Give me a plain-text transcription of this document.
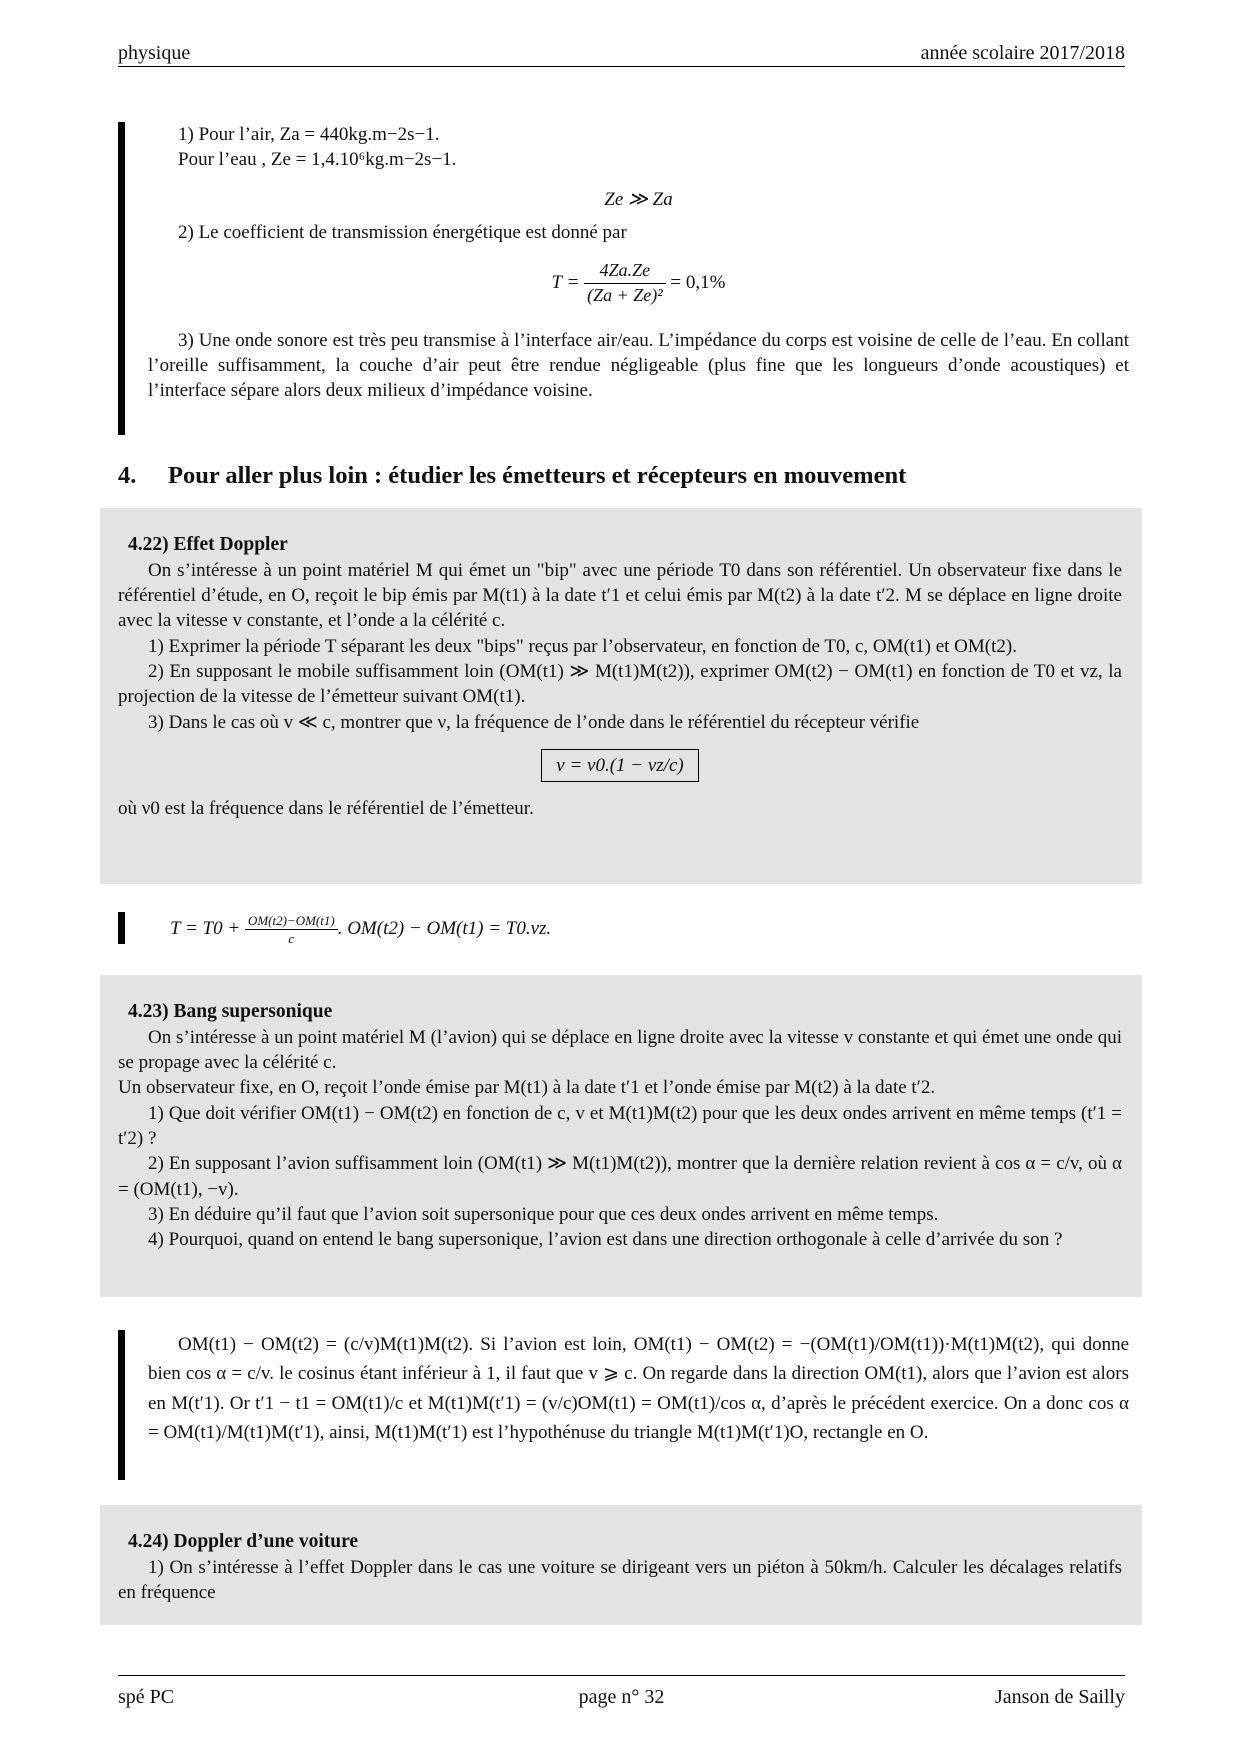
physique	année scolaire 2017/2018

1) Pour l’air, Za = 440kg.m−2s−1.

Pour l’eau , Ze = 1,4.10⁶kg.m−2s−1.

Ze ≫ Za

2) Le coefficient de transmission énergétique est donné par

$T = \frac{4Za.Ze}{\text{(Za + Ze)²}} = 0,1\%$

3) Une onde sonore est très peu transmise à l’interface air/eau. L’impédance du corps est voisine de celle de l’eau. En collant l’oreille suffisamment, la couche d’air peut être rendue négligeable (plus fine que les longueurs d’onde acoustiques) et l’interface sépare alors deux milieux d’impédance voisine.

4. Pour aller plus loin : étudier les émetteurs et récepteurs en mouvement

4.22) Effet Doppler

On s’intéresse à un point matériel M qui émet un "bip" avec une période T0 dans son référentiel. Un observateur fixe dans le référentiel d’étude, en O, reçoit le bip émis par M(t1) à la date t′1 et celui émis par M(t2) à la date t′2. M se déplace en ligne droite avec la vitesse v constante, et l’onde a la célérité c.

1) Exprimer la période T séparant les deux "bips" reçus par l’observateur, en fonction de T0, c, OM(t1) et OM(t2).

2) En supposant le mobile suffisamment loin (OM(t1) ≫ M(t1)M(t2)), exprimer OM(t2) − OM(t1) en fonction de T0 et vz, la projection de la vitesse de l’émetteur suivant OM(t1).

3) Dans le cas où v ≪ c, montrer que ν, la fréquence de l’onde dans le référentiel du récepteur vérifie

ν = ν0.(1 − vz/c)

où ν0 est la fréquence dans le référentiel de l’émetteur.

$T = T0 + \frac{OM(t2)-OM(t1)}{c}$ . OM(t2) − OM(t1) = T0.vz.

4.23) Bang supersonique

On s’intéresse à un point matériel M (l’avion) qui se déplace en ligne droite avec la vitesse v constante et qui émet une onde qui se propage avec la célérité c.

Un observateur fixe, en O, reçoit l’onde émise par M(t1) à la date t′1 et l’onde émise par M(t2) à la date t′2.

1) Que doit vérifier OM(t1) − OM(t2) en fonction de c, v et M(t1)M(t2) pour que les deux ondes arrivent en même temps (t′1 = t′2) ?

2) En supposant l’avion suffisamment loin (OM(t1) ≫ M(t1)M(t2)), montrer que la dernière relation revient à cos α = c/v, où α = (OM(t1), −v).

3) En déduire qu’il faut que l’avion soit supersonique pour que ces deux ondes arrivent en même temps.

4) Pourquoi, quand on entend le bang supersonique, l’avion est dans une direction orthogonale à celle d’arrivée du son ?

OM(t1) − OM(t2) = (c/v)M(t1)M(t2). Si l’avion est loin, OM(t1) − OM(t2) = −(OM(t1)/OM(t1))·M(t1)M(t2), qui donne bien cos α = c/v. le cosinus étant inférieur à 1, il faut que v ⩾ c. On regarde dans la direction OM(t1), alors que l’avion est alors en M(t′1). Or t′1 − t1 = OM(t1)/c et M(t1)M(t′1) = (v/c)OM(t1) = OM(t1)/cos α, d’après le précédent exercice. On a donc cos α = OM(t1)/M(t1)M(t′1), ainsi, M(t1)M(t′1) est l’hypothénuse du triangle M(t1)M(t′1)O, rectangle en O.

4.24) Doppler d’une voiture

1) On s’intéresse à l’effet Doppler dans le cas une voiture se dirigeant vers un piéton à 50km/h. Calculer les décalages relatifs en fréquence

spé PC	page n° 32	Janson de Sailly
